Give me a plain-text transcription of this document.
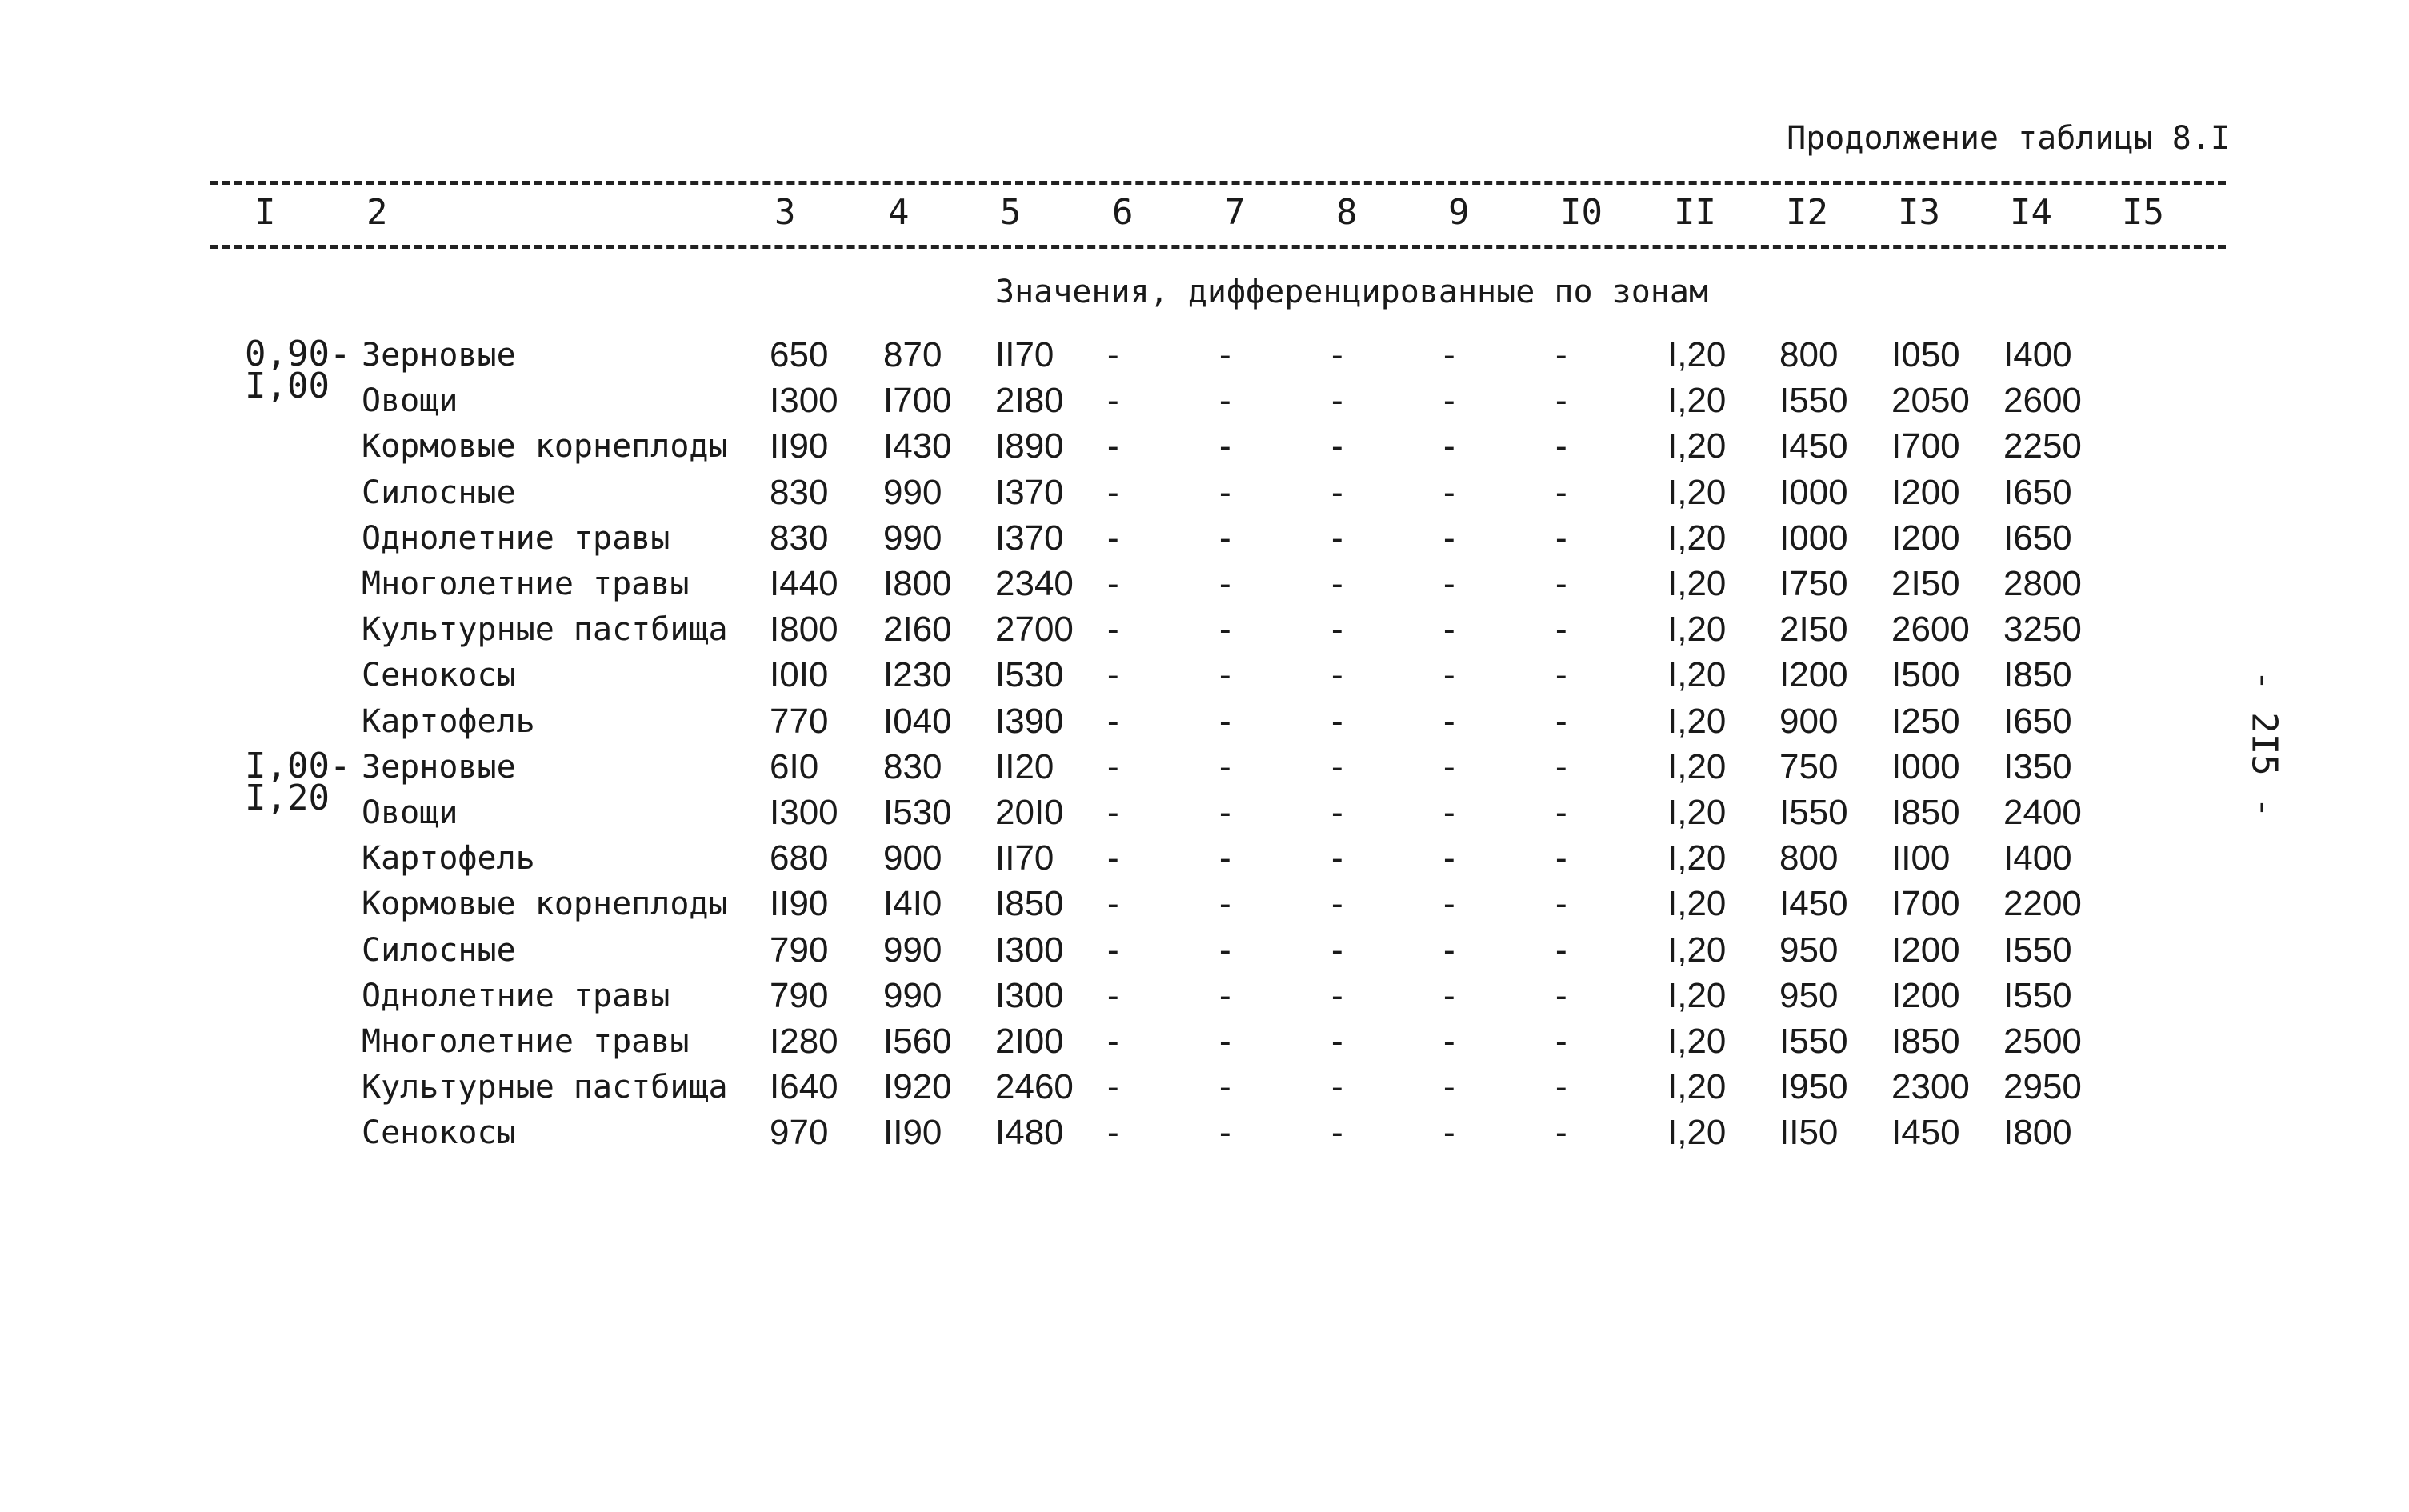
Продолжение таблицы 8.I
I	2	3	4	5	6	7	8	9	I0 II I2 I3 I4 I5
Значения, дифференцированные по зонам
0,90-
I,00
Зерновые	650 870 II70 -	-	-	-	-	I,20 800 I050 I400
Овощи	I300 I700 2I80 -	-	-	-	-	I,20 I550 2050 2600
Кормовые корнеплоды II90 I430 I890 -	-	-	-	-	I,20 I450 I700 2250
Силосные	830 990 I370 -	-	-	-	-	I,20 I000 I200 I650
Однолетние травы	830 990 I370 -	-	-	-	-	I,20 I000 I200 I650
Многолетние травы I440 I800 2340 -	-	-	-	-	I,20 I750 2I50 2800
Культурные пастбища I800 2I60 2700 -	-	-	-	-	I,20 2I50 2600 3250
Сенокосы	I0I0 I230 I530 -	-	-	-	-	I,20 I200 I500 I850
Картофель	770 I040 I390 -	-	-	-	-	I,20 900 I250 I650
I,00-
I,20
Зерновые	6I0 830 II20 -	-	-	-	-	I,20 750 I000 I350
Овощи	I300 I530 20I0 -	-	-	-	-	I,20 I550 I850 2400
Картофель	680 900 II70 -	-	-	-	-	I,20 800 II00 I400
Кормовые корнеплоды II90 I4I0 I850 -	-	-	-	-	I,20 I450 I700 2200
Силосные	790 990 I300 -	-	-	-	-	I,20 950 I200 I550
Однолетние травы	790 990 I300 -	-	-	-	-	I,20 950 I200 I550
Многолетние травы I280 I560 2I00 -	-	-	-	-	I,20 I550 I850 2500
Культурные пастбища I640 I920 2460 -	-	-	-	-	I,20 I950 2300 2950
Сенокосы	970 II90 I480 -	-	-	-	-	I,20 II50 I450 I800
- 2I5 -
